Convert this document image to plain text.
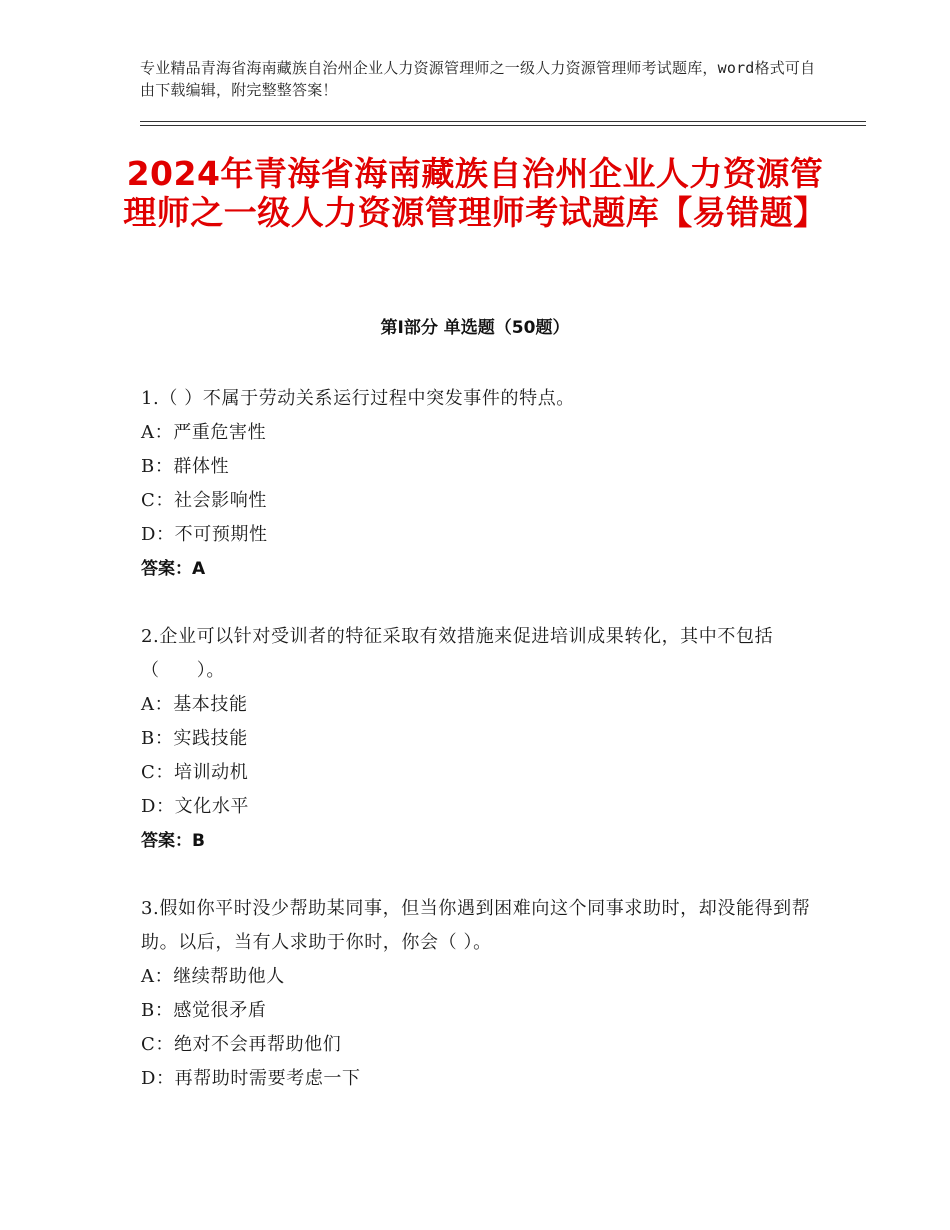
专业精品青海省海南藏族自治州企业人力资源管理师之一级人力资源管理师考试题库，word格式可自由下载编辑，附完整整答案！
2024年青海省海南藏族自治州企业人力资源管理师之一级人力资源管理师考试题库【易错题】
第Ⅰ部分 单选题（50题）
1.（ ）不属于劳动关系运行过程中突发事件的特点。
A：严重危害性
B：群体性
C：社会影响性
D：不可预期性
答案：A
2.企业可以针对受训者的特征采取有效措施来促进培训成果转化，其中不包括（　　）。
A：基本技能
B：实践技能
C：培训动机
D：文化水平
答案：B
3.假如你平时没少帮助某同事，但当你遇到困难向这个同事求助时，却没能得到帮助。以后，当有人求助于你时，你会（ ）。
A：继续帮助他人
B：感觉很矛盾
C：绝对不会再帮助他们
D：再帮助时需要考虑一下
